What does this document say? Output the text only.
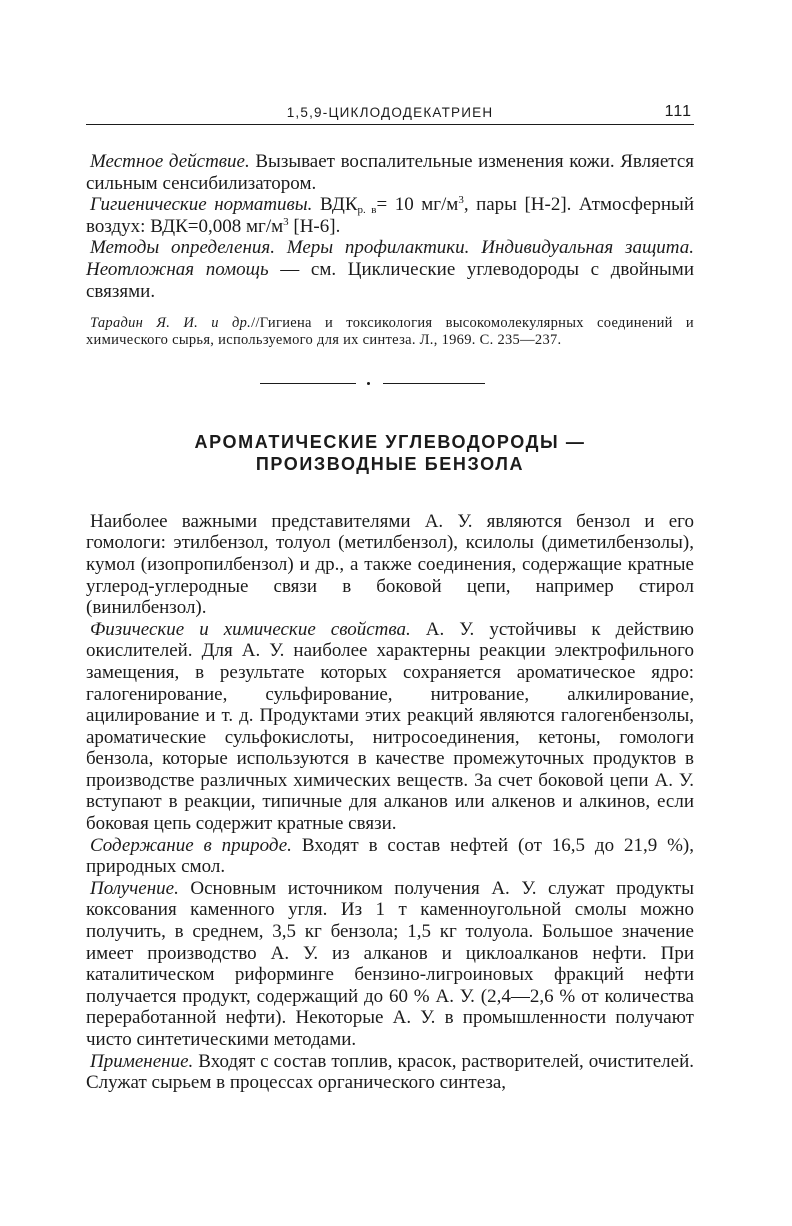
1,5,9-ЦИКЛОДОДЕКАТРИЕН	111

Местное действие. Вызывает воспалительные изменения кожи. Является сильным сенсибилизатором.

Гигиенические нормативы. $ВДК_{р. в}= 10$ $мг/м^3$, пары [Н-2]. Атмосферный воздух: ВДК=0,008 $мг/м^3$ [Н-6].

Методы определения. Меры профилактики. Индивидуальная защита. Неотложная помощь — см. Циклические углеводороды с двойными связями.

Тарадин Я. И. и др.//Гигиена и токсикология высокомолекулярных соединений и химического сырья, используемого для их синтеза. Л., 1969. С. 235—237.
АРОМАТИЧЕСКИЕ УГЛЕВОДОРОДЫ —
ПРОИЗВОДНЫЕ БЕНЗОЛА

Наиболее важными представителями А. У. являются бензол и его гомологи: этилбензол, толуол (метилбензол), ксилолы (диметилбензолы), кумол (изопропилбензол) и др., а также соединения, содержащие кратные углерод-углеродные связи в боковой цепи, например стирол (винилбензол).

Физические и химические свойства. А. У. устойчивы к действию окислителей. Для А. У. наиболее характерны реакции электрофильного замещения, в результате которых сохраняется ароматическое ядро: галогенирование, сульфирование, нитрование, алкилирование, ацилирование и т. д. Продуктами этих реакций являются галогенбензолы, ароматические сульфокислоты, нитросоединения, кетоны, гомологи бензола, которые используются в качестве промежуточных продуктов в производстве различных химических веществ. За счет боковой цепи А. У. вступают в реакции, типичные для алканов или алкенов и алкинов, если боковая цепь содержит кратные связи.

Содержание в природе. Входят в состав нефтей (от 16,5 до 21,9 %), природных смол.

Получение. Основным источником получения А. У. служат продукты коксования каменного угля. Из 1 т каменноугольной смолы можно получить, в среднем, 3,5 кг бензола; 1,5 кг толуола. Большое значение имеет производство А. У. из алканов и циклоалканов нефти. При каталитическом риформинге бензино-лигроиновых фракций нефти получается продукт, содержащий до 60 % А. У. (2,4—2,6 % от количества переработанной нефти). Некоторые А. У. в промышленности получают чисто синтетическими методами.

Применение. Входят с состав топлив, красок, растворителей, очистителей. Служат сырьем в процессах органического синтеза,
